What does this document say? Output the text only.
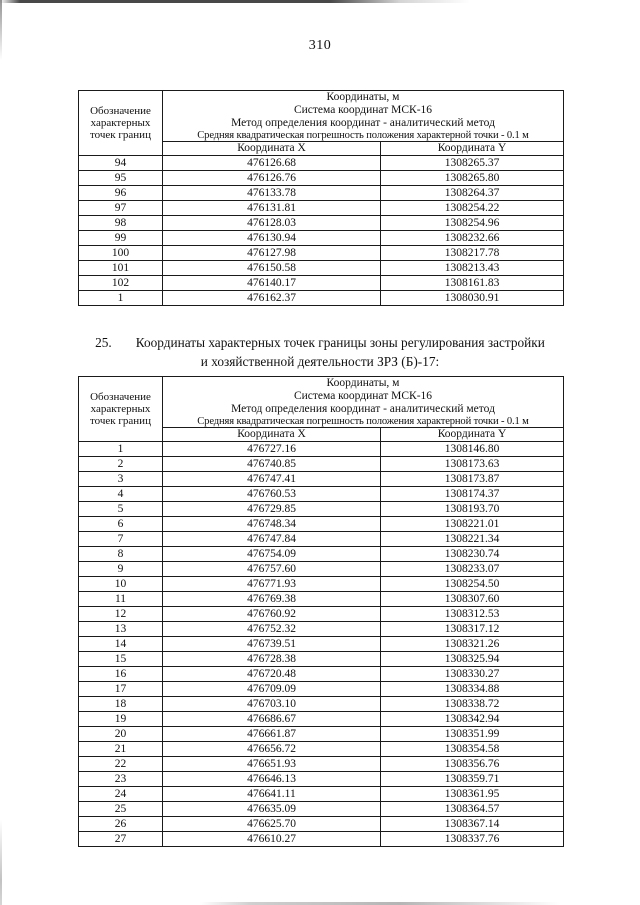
310
Обозначение
характерных
точек границ

Координаты, м
Система координат МСК-16
Метод определения координат - аналитический метод
Средняя квадратическая погрешность положения характерной точки - 0.1 м

	Координата X	Координата Y
94	476126.68	1308265.37
95	476126.76	1308265.80
96	476133.78	1308264.37
97	476131.81	1308254.22
98	476128.03	1308254.96
99	476130.94	1308232.66
100	476127.98	1308217.78
101	476150.58	1308213.43
102	476140.17	1308161.83
1	476162.37	1308030.91
25. Координаты характерных точек границы зоны регулирования застройки
и хозяйственной деятельности ЗРЗ (Б)-17:
Обозначение
характерных
точек границ

Координаты, м
Система координат МСК-16
Метод определения координат - аналитический метод
Средняя квадратическая погрешность положения характерной точки - 0.1 м

	Координата X	Координата Y
1	476727.16	1308146.80
2	476740.85	1308173.63
3	476747.41	1308173.87
4	476760.53	1308174.37
5	476729.85	1308193.70
6	476748.34	1308221.01
7	476747.84	1308221.34
8	476754.09	1308230.74
9	476757.60	1308233.07
10	476771.93	1308254.50
11	476769.38	1308307.60
12	476760.92	1308312.53
13	476752.32	1308317.12
14	476739.51	1308321.26
15	476728.38	1308325.94
16	476720.48	1308330.27
17	476709.09	1308334.88
18	476703.10	1308338.72
19	476686.67	1308342.94
20	476661.87	1308351.99
21	476656.72	1308354.58
22	476651.93	1308356.76
23	476646.13	1308359.71
24	476641.11	1308361.95
25	476635.09	1308364.57
26	476625.70	1308367.14
27	476610.27	1308337.76
